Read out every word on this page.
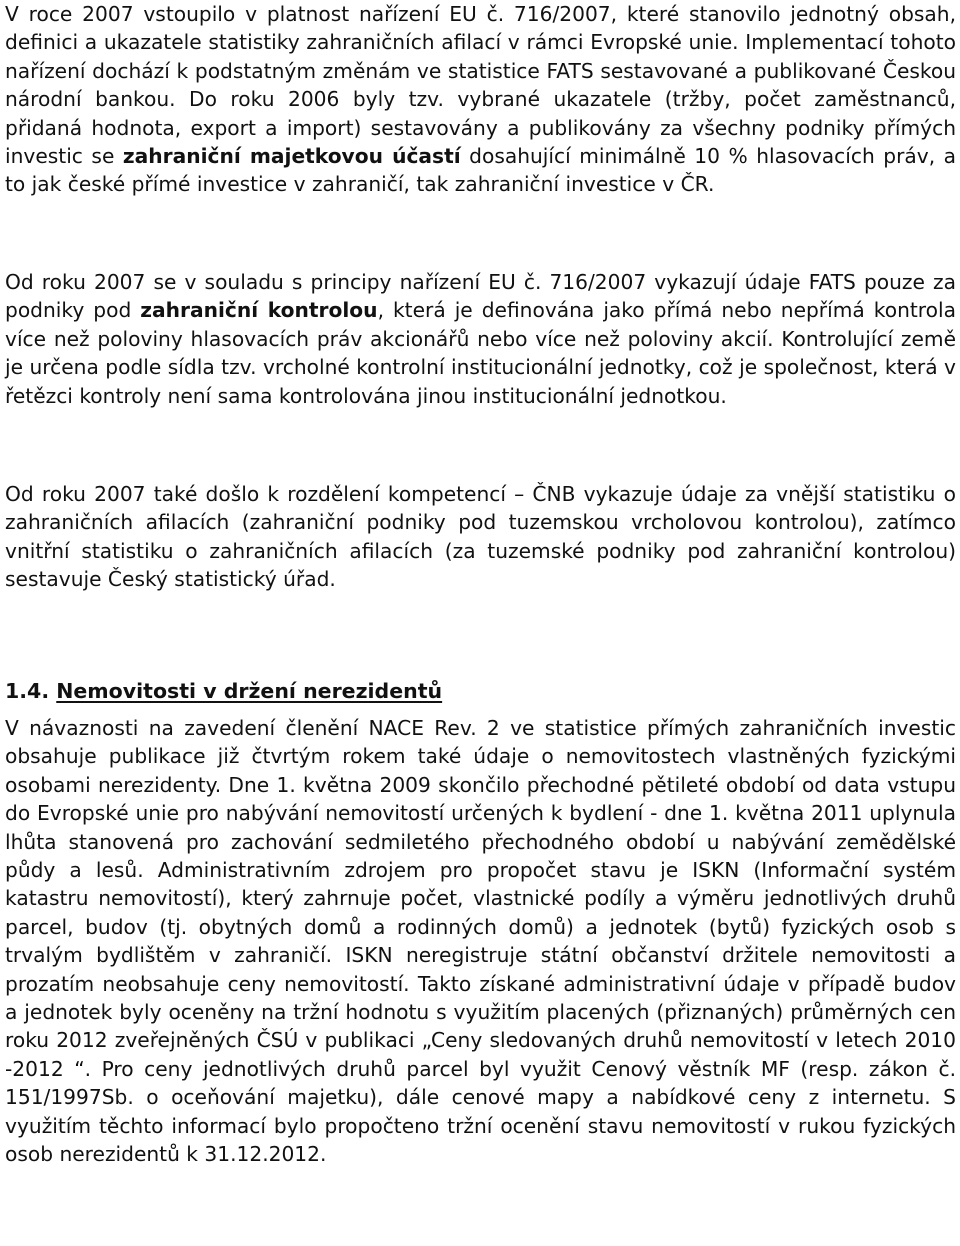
V roce 2007 vstoupilo v platnost nařízení EU č. 716/2007, které stanovilo jednotný obsah, definici a ukazatele statistiky zahraničních afilací v rámci Evropské unie. Implementací tohoto nařízení dochází k podstatným změnám ve statistice FATS sestavované a publikované Českou národní bankou. Do roku 2006 byly tzv. vybrané ukazatele (tržby, počet zaměstnanců, přidaná hodnota, export a import) sestavovány a publikovány za všechny podniky přímých investic se zahraniční majetkovou účastí dosahující minimálně 10 % hlasovacích práv, a to jak české přímé investice v zahraničí, tak zahraniční investice v ČR.

Od roku 2007 se v souladu s principy nařízení EU č. 716/2007 vykazují údaje FATS pouze za podniky pod zahraniční kontrolou, která je definována jako přímá nebo nepřímá kontrola více než poloviny hlasovacích práv akcionářů nebo více než poloviny akcií. Kontrolující země je určena podle sídla tzv. vrcholné kontrolní institucionální jednotky, což je společnost, která v řetězci kontroly není sama kontrolována jinou institucionální jednotkou.

Od roku 2007 také došlo k rozdělení kompetencí – ČNB vykazuje údaje za vnější statistiku o zahraničních afilacích (zahraniční podniky pod tuzemskou vrcholovou kontrolou), zatímco vnitřní statistiku o zahraničních afilacích (za tuzemské podniky pod zahraniční kontrolou) sestavuje Český statistický úřad.

1.4. Nemovitosti v držení nerezidentů

V návaznosti na zavedení členění NACE Rev. 2 ve statistice přímých zahraničních investic obsahuje publikace již čtvrtým rokem také údaje o nemovitostech vlastněných fyzickými osobami nerezidenty. Dne 1. května 2009 skončilo přechodné pětileté období od data vstupu do Evropské unie pro nabývání nemovitostí určených k bydlení - dne 1. května 2011 uplynula lhůta stanovená pro zachování sedmiletého přechodného období u nabývání zemědělské půdy a lesů. Administrativním zdrojem pro propočet stavu je ISKN (Informační systém katastru nemovitostí), který zahrnuje počet, vlastnické podíly a výměru jednotlivých druhů parcel, budov (tj. obytných domů a rodinných domů) a jednotek (bytů) fyzických osob s trvalým bydlištěm v zahraničí. ISKN neregistruje státní občanství držitele nemovitosti a prozatím neobsahuje ceny nemovitostí. Takto získané administrativní údaje v případě budov a jednotek byly oceněny na tržní hodnotu s využitím placených (přiznaných) průměrných cen roku 2012 zveřejněných ČSÚ v publikaci „Ceny sledovaných druhů nemovitostí v letech 2010 -2012 “. Pro ceny jednotlivých druhů parcel byl využit Cenový věstník MF (resp. zákon č. 151/1997Sb. o oceňování majetku), dále cenové mapy a nabídkové ceny z internetu. S využitím těchto informací bylo propočteno tržní ocenění stavu nemovitostí v rukou fyzických osob nerezidentů k 31.12.2012.
